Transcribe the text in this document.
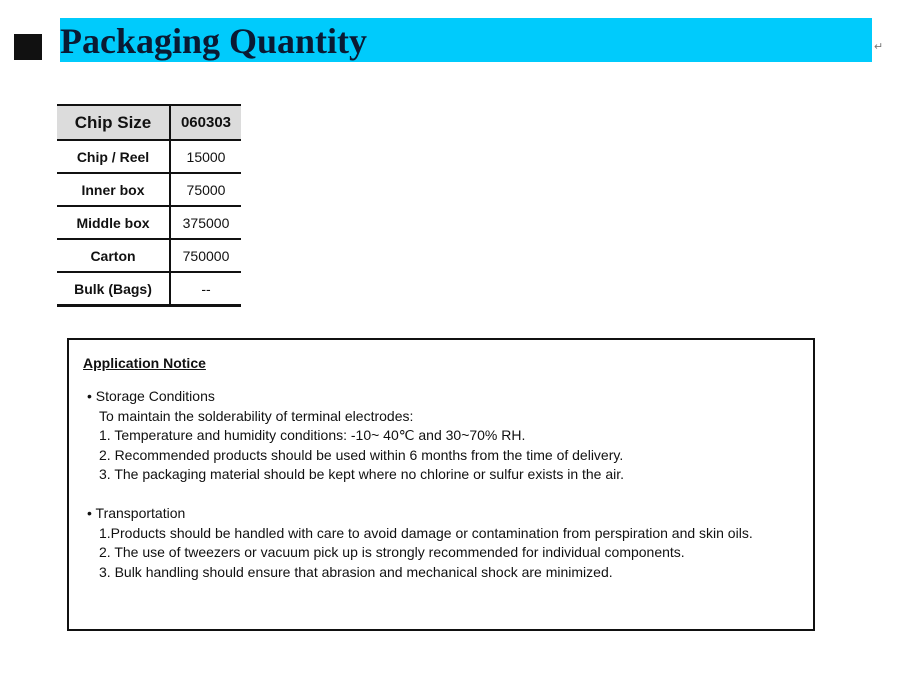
Packaging Quantity	↵
Chip Size	060303
Chip / Reel	15000
Inner box	75000
Middle box	375000
Carton	750000
Bulk (Bags)	--
Application Notice
• Storage Conditions
To maintain the solderability of terminal electrodes:
1. Temperature and humidity conditions: -10~ 40℃ and 30~70% RH.
2. Recommended products should be used within 6 months from the time of delivery.
3. The packaging material should be kept where no chlorine or sulfur exists in the air.
• Transportation
1.Products should be handled with care to avoid damage or contamination from perspiration and skin oils.
2. The use of tweezers or vacuum pick up is strongly recommended for individual components.
3. Bulk handling should ensure that abrasion and mechanical shock are minimized.
